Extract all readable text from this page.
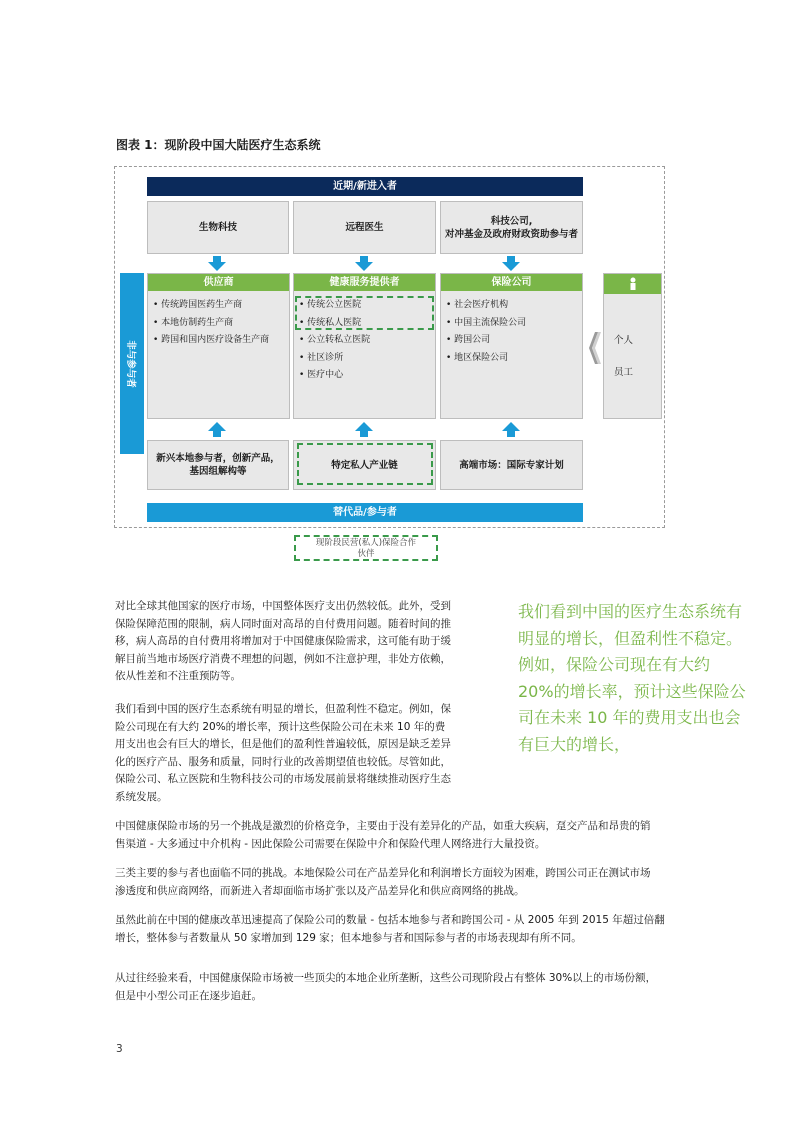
图表 1：现阶段中国大陆医疗生态系统
近期/新进入者
生物科技	远程医生
科技公司,
对冲基金及政府财政资助参与者
非与参与者
供应商
• 传统跨国医药生产商
• 本地仿制药生产商
• 跨国和国内医疗设备生产商
健康服务提供者
• 传统公立医院
• 传统私人医院
• 公立转私立医院
• 社区诊所
• 医疗中心
保险公司
• 社会医疗机构
• 中国主流保险公司
• 跨国公司
• 地区保险公司
个人
员工
新兴本地参与者，创新产品，
基因组解构等
特定私人产业链	高端市场：国际专家计划
替代品/参与者
现阶段民营(私人)保险合作
伙伴
对比全球其他国家的医疗市场，中国整体医疗支出仍然较低。此外，受到
保险保障范围的限制，病人同时面对高昂的自付费用问题。随着时间的推
移，病人高昂的自付费用将增加对于中国健康保险需求，这可能有助于缓
解目前当地市场医疗消费不理想的问题，例如不注意护理，非处方依赖，
依从性差和不注重预防等。
我们看到中国的医疗生态系统有明显的增长，但盈利性不稳定。例如，保
险公司现在有大约 20%的增长率，预计这些保险公司在未来 10 年的费
用支出也会有巨大的增长，但是他们的盈利性普遍较低，原因是缺乏差异
化的医疗产品、服务和质量，同时行业的改善期望值也较低。尽管如此，
保险公司、私立医院和生物科技公司的市场发展前景将继续推动医疗生态
系统发展。
中国健康保险市场的另一个挑战是激烈的价格竞争，主要由于没有差异化的产品，如重大疾病，趸交产品和昂贵的销
售渠道 - 大多通过中介机构 - 因此保险公司需要在保险中介和保险代理人网络进行大量投资。
三类主要的参与者也面临不同的挑战。本地保险公司在产品差异化和利润增长方面较为困难，跨国公司正在测试市场
渗透度和供应商网络，而新进入者却面临市场扩张以及产品差异化和供应商网络的挑战。
虽然此前在中国的健康改革迅速提高了保险公司的数量 - 包括本地参与者和跨国公司 - 从 2005 年到 2015 年超过倍翻
增长，整体参与者数量从 50 家增加到 129 家；但本地参与者和国际参与者的市场表现却有所不同。
从过往经验来看，中国健康保险市场被一些顶尖的本地企业所垄断，这些公司现阶段占有整体 30%以上的市场份额，
但是中小型公司正在逐步追赶。
我们看到中国的医疗生态系统有明显的增长，但盈利性不稳定。例如，保险公司现在有大约 20%的增长率，预计这些保险公司在未来 10 年的费用支出也会有巨大的增长，
3
